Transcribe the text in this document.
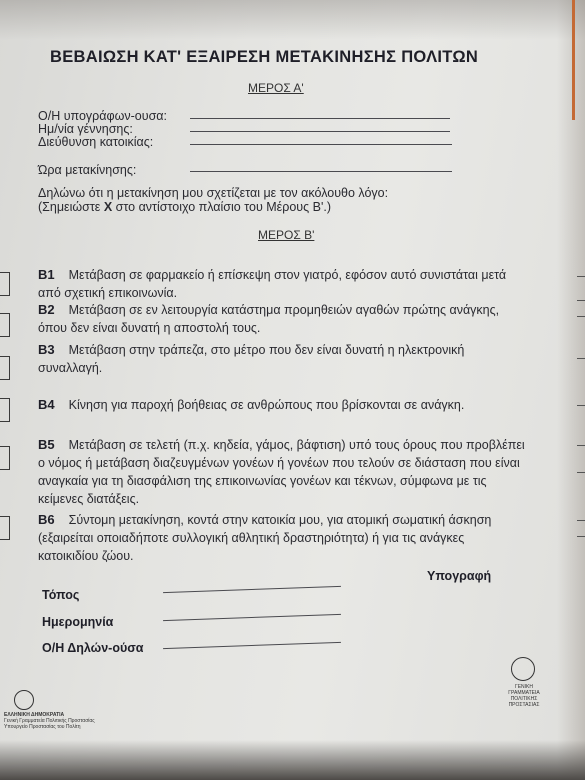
ΒΕΒΑΙΩΣΗ ΚΑΤ' ΕΞΑΙΡΕΣΗ ΜΕΤΑΚΙΝΗΣΗΣ ΠΟΛΙΤΩΝ
ΜΕΡΟΣ Α'
Ο/Η υπογράφων-ουσα:
Ημ/νία γέννησης:
Διεύθυνση κατοικίας:
Ώρα μετακίνησης:
Δηλώνω ότι η μετακίνηση μου σχετίζεται με τον ακόλουθο λόγο:
(Σημειώστε Χ στο αντίστοιχο πλαίσιο του Μέρους Β'.)
ΜΕΡΟΣ Β'
Β1 Μετάβαση σε φαρμακείο ή επίσκεψη στον γιατρό, εφόσον αυτό συνιστάται μετά από σχετική επικοινωνία.
Β2 Μετάβαση σε εν λειτουργία κατάστημα προμηθειών αγαθών πρώτης ανάγκης, όπου δεν είναι δυνατή η αποστολή τους.
Β3 Μετάβαση στην τράπεζα, στο μέτρο που δεν είναι δυνατή η ηλεκτρονική συναλλαγή.
Β4 Κίνηση για παροχή βοήθειας σε ανθρώπους που βρίσκονται σε ανάγκη.
Β5 Μετάβαση σε τελετή (π.χ. κηδεία, γάμος, βάφτιση) υπό τους όρους που προβλέπει ο νόμος ή μετάβαση διαζευγμένων γονέων ή γονέων που τελούν σε διάσταση που είναι αναγκαία για τη διασφάλιση της επικοινωνίας γονέων και τέκνων, σύμφωνα με τις κείμενες διατάξεις.
Β6 Σύντομη μετακίνηση, κοντά στην κατοικία μου, για ατομική σωματική άσκηση (εξαιρείται οποιαδήποτε συλλογική αθλητική δραστηριότητα) ή για τις ανάγκες κατοικιδίου ζώου.
Υπογραφή
Τόπος
Ημερομηνία
Ο/Η Δηλών-ούσα
ΕΛΛΗΝΙΚΗ ΔΗΜΟΚΡΑΤΙΑ
Γενική Γραμματεία Πολιτικής Προστασίας
Υπουργείο Προστασίας του Πολίτη
ΓΕΝΙΚΗ ΓΡΑΜΜΑΤΕΙΑ ΠΟΛΙΤΙΚΗΣ ΠΡΟΣΤΑΣΙΑΣ
